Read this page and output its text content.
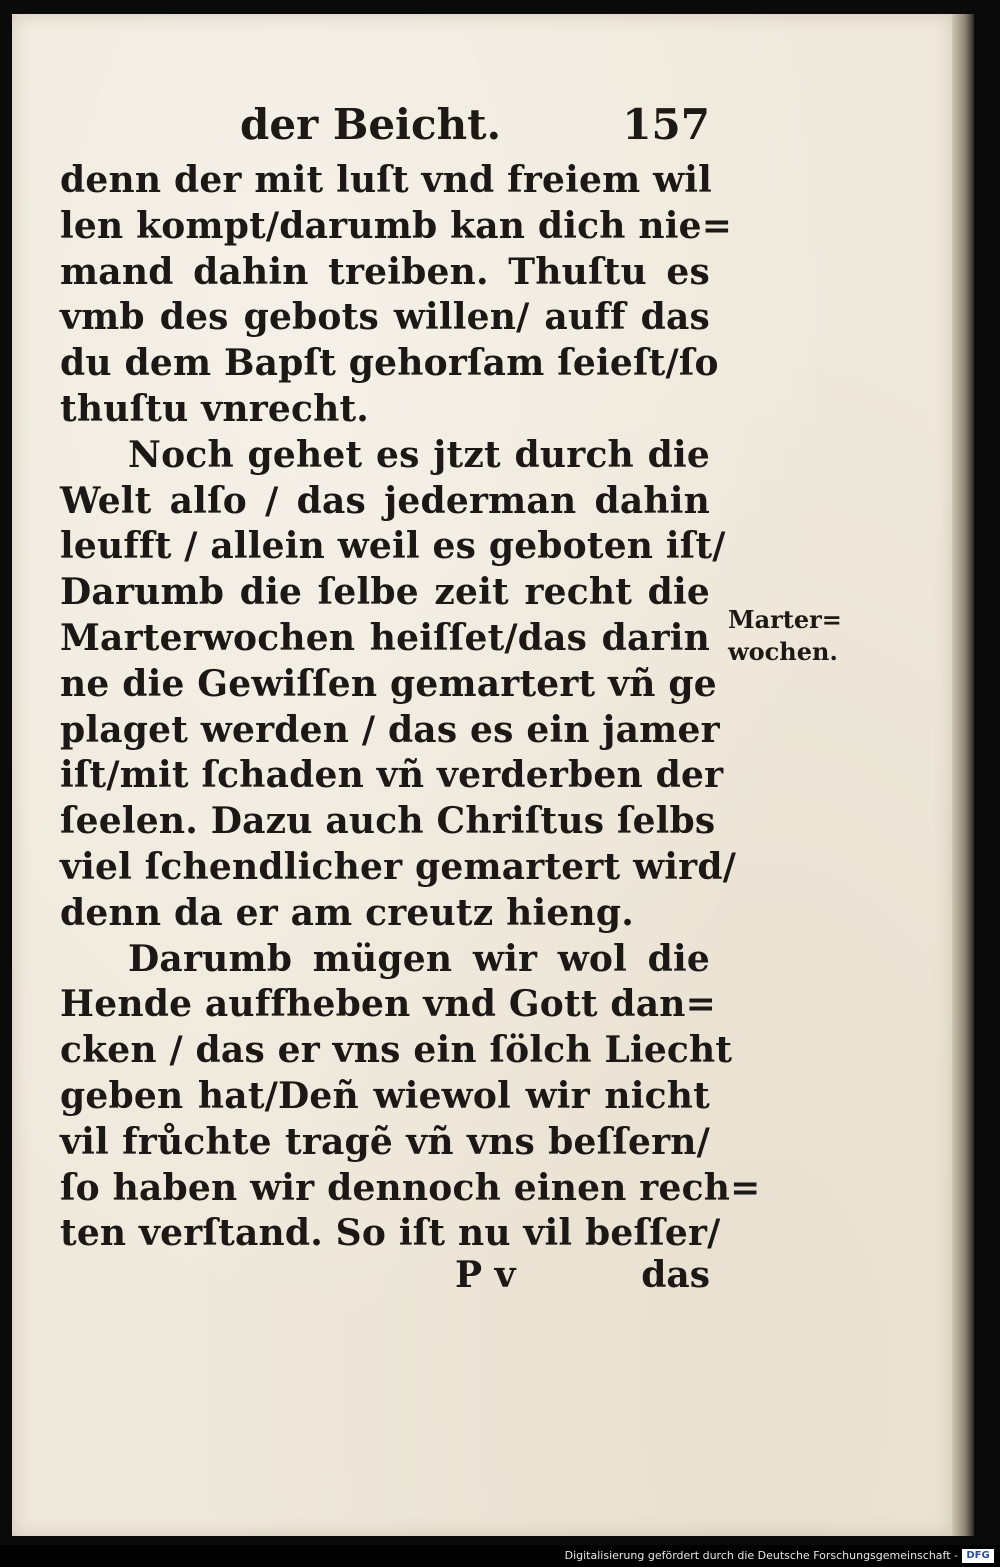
der Beicht.	157
denn der mit luſt vnd freiem wil
len kompt/darumb kan dich nie=
mand dahin treiben. Thuſtu es
vmb des gebots willen/ auff das
du dem Bapſt gehorſam ſeieſt/ſo
thuſtu vnrecht.
Noch gehet es jtzt durch die
Welt alſo / das jederman dahin
leufft / allein weil es geboten iſt/
Darumb die ſelbe zeit recht die
Marterwochen heiſſet/das darin
ne die Gewiſſen gemartert vñ ge
plaget werden / das es ein jamer
iſt/mit ſchaden vñ verderben der
ſeelen. Dazu auch Chriſtus ſelbs
viel ſchendlicher gemartert wird/
denn da er am creutz hieng.
Darumb mügen wir wol die
Hende auffheben vnd Gott dan=
cken / das er vns ein ſölch Liecht
geben hat/Deñ wiewol wir nicht
vil frůchte tragẽ vñ vns beſſern/
ſo haben wir dennoch einen rech=
ten verſtand. So iſt nu vil beſſer/
Marter=
wochen.
P v	das
Digitalisierung gefördert durch die Deutsche Forschungsgemeinschaft - DFG
